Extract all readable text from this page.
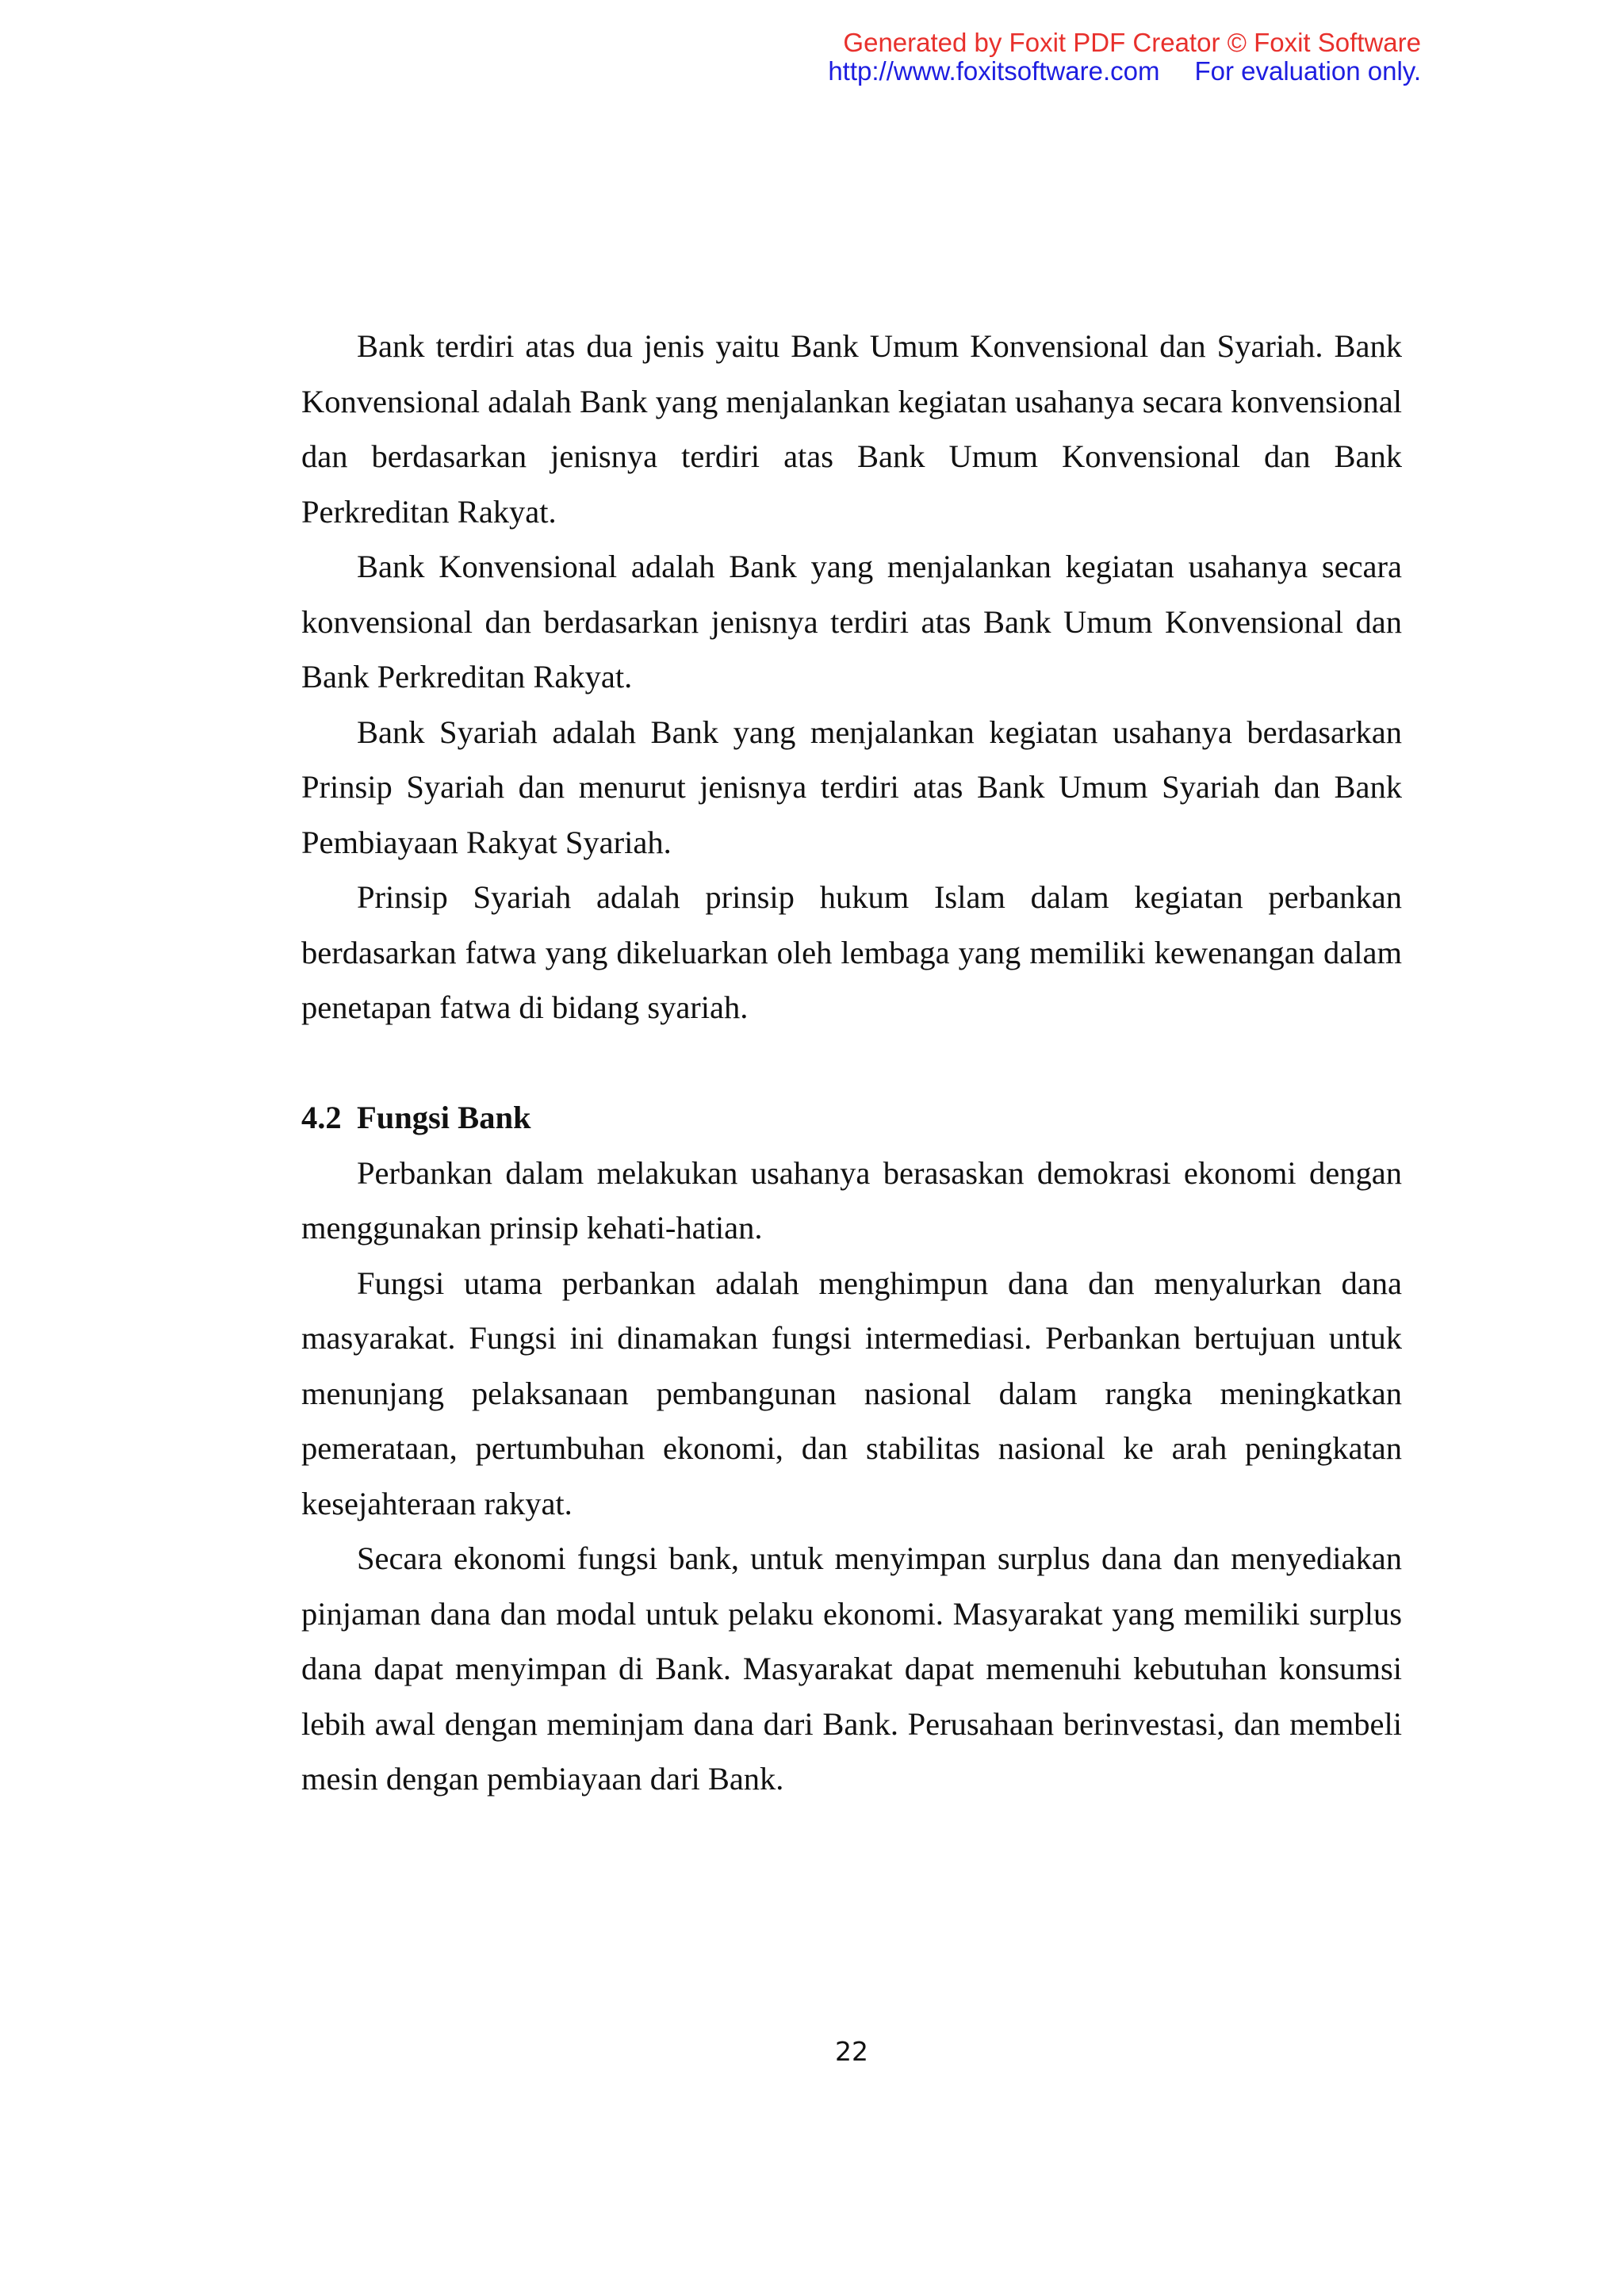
Generated by Foxit PDF Creator © Foxit Software
http://www.foxitsoftware.com For evaluation only.

Bank terdiri atas dua jenis yaitu Bank Umum Konvensional dan Syariah. Bank Konvensional adalah Bank yang menjalankan kegiatan usahanya secara konvensional dan berdasarkan jenisnya terdiri atas Bank Umum Konvensional dan Bank Perkreditan Rakyat.

Bank Konvensional adalah Bank yang menjalankan kegiatan usahanya secara konvensional dan berdasarkan jenisnya terdiri atas Bank Umum Konvensional dan Bank Perkreditan Rakyat.

Bank Syariah adalah Bank yang menjalankan kegiatan usahanya berdasarkan Prinsip Syariah dan menurut jenisnya terdiri atas Bank Umum Syariah dan Bank Pembiayaan Rakyat Syariah.

Prinsip Syariah adalah prinsip hukum Islam dalam kegiatan perbankan berdasarkan fatwa yang dikeluarkan oleh lembaga yang memiliki kewenangan dalam penetapan fatwa di bidang syariah.

4.2 Fungsi Bank

Perbankan dalam melakukan usahanya berasaskan demokrasi ekonomi dengan menggunakan prinsip kehati-hatian.

Fungsi utama perbankan adalah menghimpun dana dan menyalurkan dana masyarakat. Fungsi ini dinamakan fungsi intermediasi. Perbankan bertujuan untuk menunjang pelaksanaan pembangunan nasional dalam rangka meningkatkan pemerataan, pertumbuhan ekonomi, dan stabilitas nasional ke arah peningkatan kesejahteraan rakyat.

Secara ekonomi fungsi bank, untuk menyimpan surplus dana dan menyediakan pinjaman dana dan modal untuk pelaku ekonomi. Masyarakat yang memiliki surplus dana dapat menyimpan di Bank. Masyarakat dapat memenuhi kebutuhan konsumsi lebih awal dengan meminjam dana dari Bank. Perusahaan berinvestasi, dan membeli mesin dengan pembiayaan dari Bank.

22
